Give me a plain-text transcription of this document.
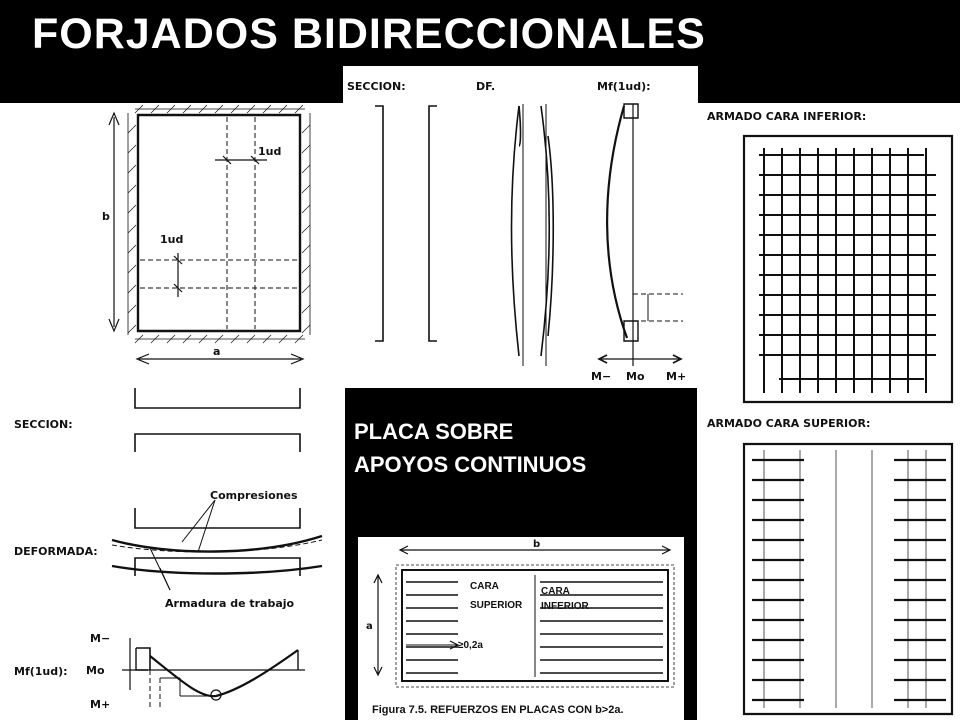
FORJADOS BIDIRECCIONALES
b
a
1ud
1ud
SECCION:	DF.	Mf(1ud):
M− Mo M+
SECCION:
DEFORMADA:
Compresiones
Armadura de trabajo
Mf(1ud):
M−
Mo
M+
ARMADO CARA INFERIOR:
ARMADO CARA SUPERIOR:
PLACA SOBRE
APOYOS CONTINUOS
CARA
SUPERIOR
CARA
INFERIOR
≥0,2a
b
a
Figura 7.5. REFUERZOS EN PLACAS CON b>2a.
